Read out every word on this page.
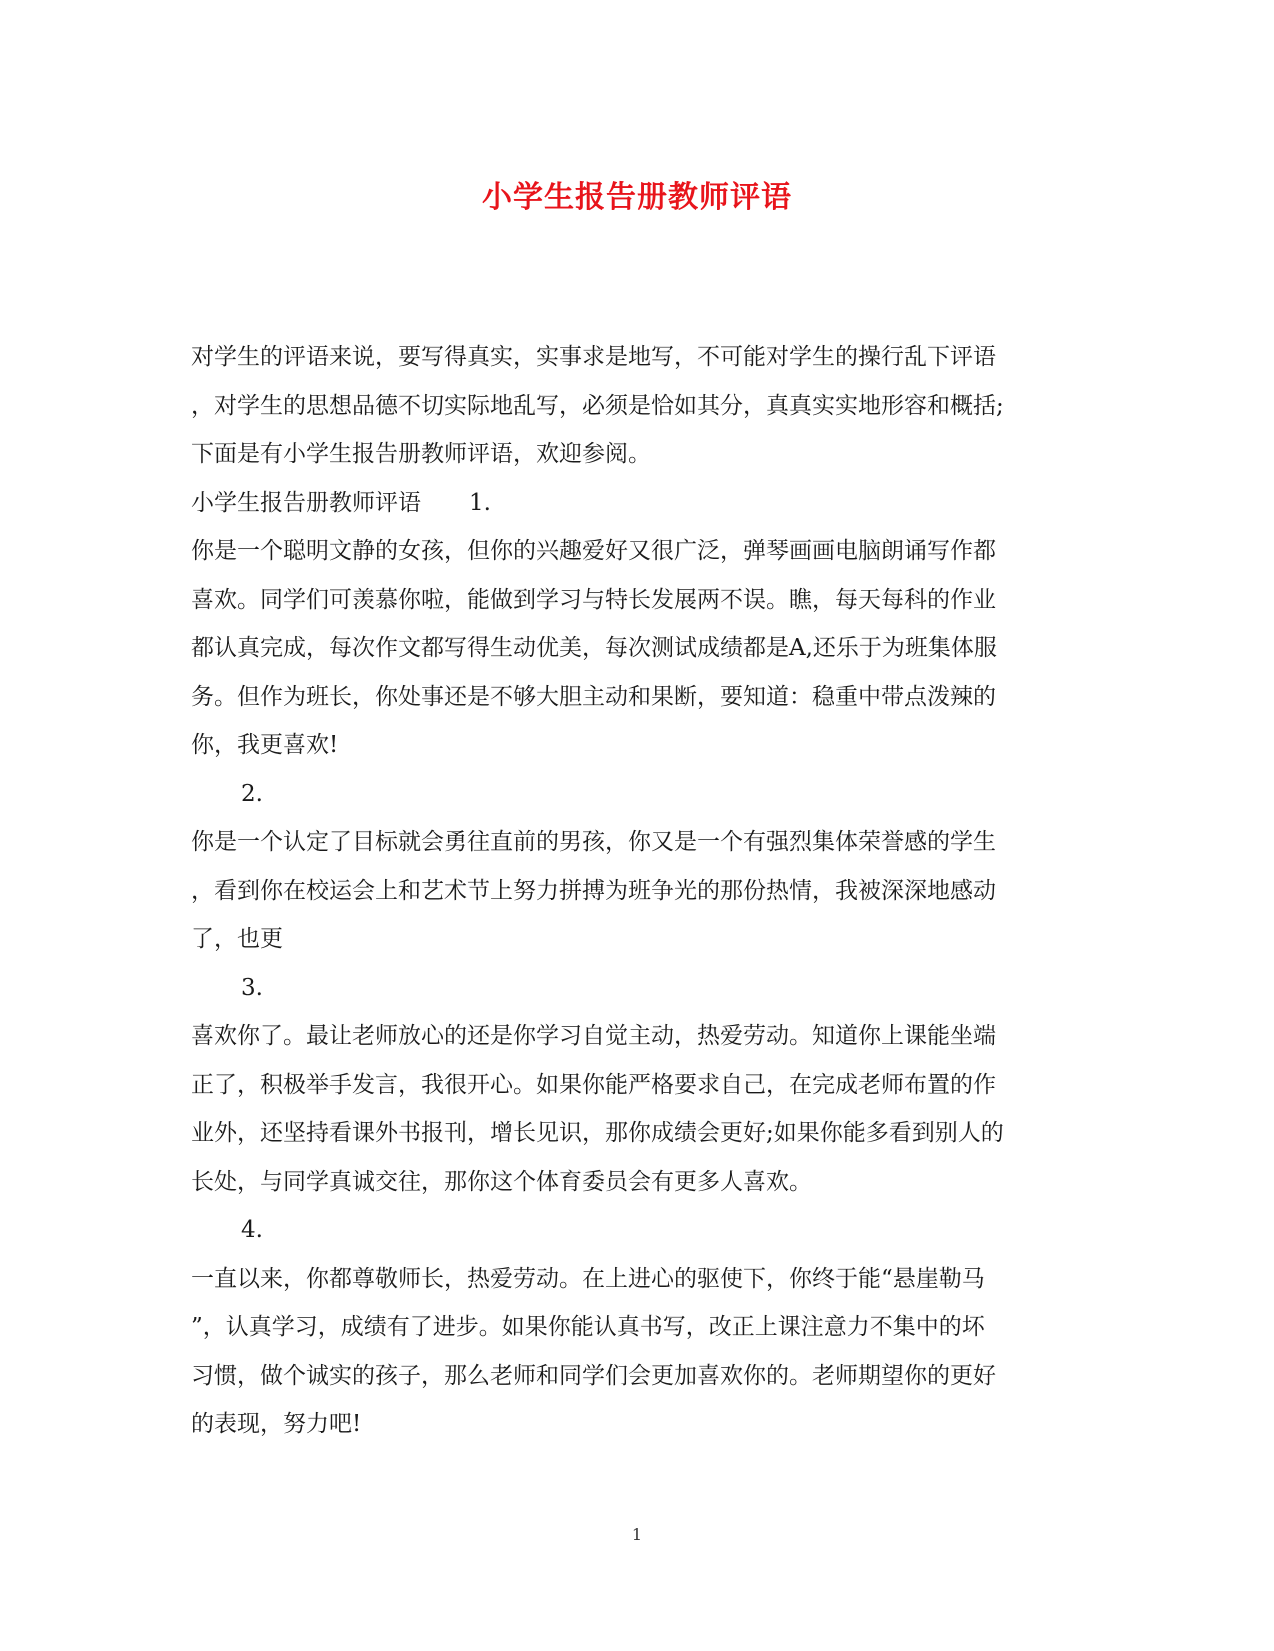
小学生报告册教师评语
对学生的评语来说，要写得真实，实事求是地写，不可能对学生的操行乱下评语
，对学生的思想品德不切实际地乱写，必须是恰如其分，真真实实地形容和概括;
下面是有小学生报告册教师评语，欢迎参阅。
小学生报告册教师评语 1.
你是一个聪明文静的女孩，但你的兴趣爱好又很广泛，弹琴画画电脑朗诵写作都
喜欢。同学们可羡慕你啦，能做到学习与特长发展两不误。瞧，每天每科的作业
都认真完成，每次作文都写得生动优美，每次测试成绩都是A,还乐于为班集体服
务。但作为班长，你处事还是不够大胆主动和果断，要知道：稳重中带点泼辣的
你，我更喜欢!
2.
你是一个认定了目标就会勇往直前的男孩，你又是一个有强烈集体荣誉感的学生
，看到你在校运会上和艺术节上努力拼搏为班争光的那份热情，我被深深地感动
了，也更
3.
喜欢你了。最让老师放心的还是你学习自觉主动，热爱劳动。知道你上课能坐端
正了，积极举手发言，我很开心。如果你能严格要求自己，在完成老师布置的作
业外，还坚持看课外书报刊，增长见识，那你成绩会更好;如果你能多看到别人的
长处，与同学真诚交往，那你这个体育委员会有更多人喜欢。
4.
一直以来，你都尊敬师长，热爱劳动。在上进心的驱使下，你终于能“悬崖勒马
”，认真学习，成绩有了进步。如果你能认真书写，改正上课注意力不集中的坏
习惯，做个诚实的孩子，那么老师和同学们会更加喜欢你的。老师期望你的更好
的表现，努力吧!
1
